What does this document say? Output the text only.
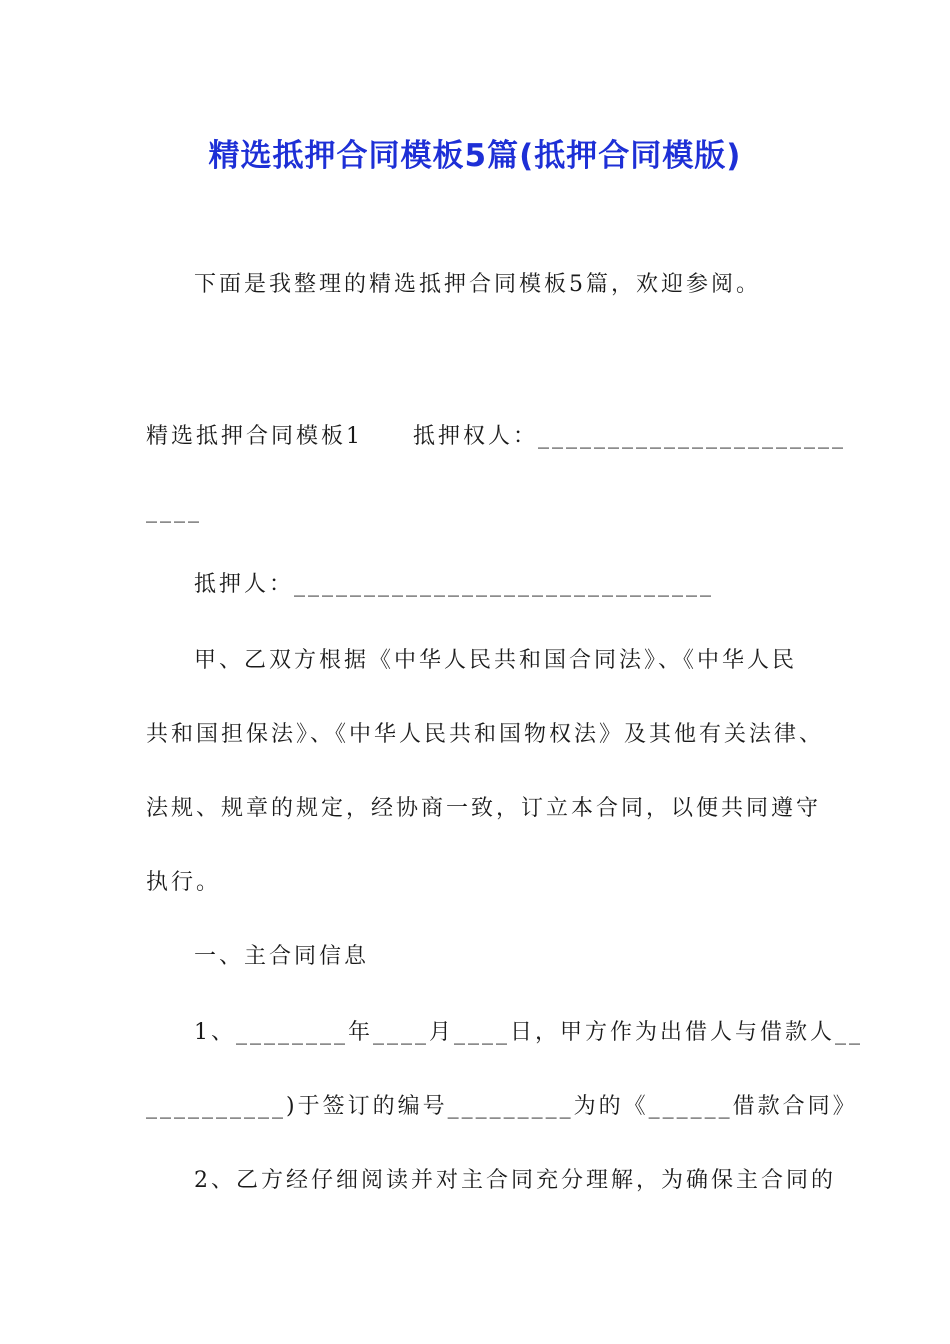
精选抵押合同模板5篇(抵押合同模版)
下面是我整理的精选抵押合同模板5篇，欢迎参阅。
精选抵押合同模板1　　抵押权人：______________________
____
抵押人：______________________________
甲、乙双方根据《中华人民共和国合同法》、《中华人民
共和国担保法》、《中华人民共和国物权法》及其他有关法律、
法规、规章的规定，经协商一致，订立本合同，以便共同遵守
执行。
一、主合同信息
1、________年____月____日，甲方作为出借人与借款人__
__________)于签订的编号_________为的《______借款合同》
2、乙方经仔细阅读并对主合同充分理解，为确保主合同的
